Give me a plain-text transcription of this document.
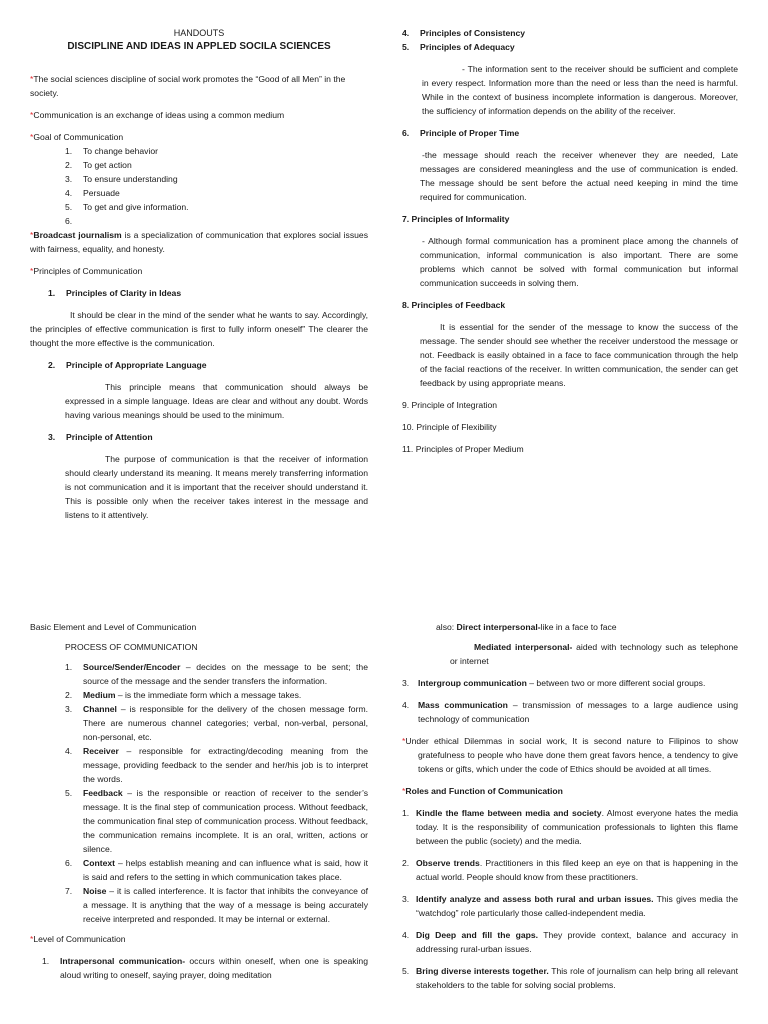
HANDOUTS

DISCIPLINE AND IDEAS IN APPLED SOCILA SCIENCES

*The social sciences discipline of social work promotes the “Good of all Men” in the society.

*Communication is an exchange of ideas using a common medium

*Goal of Communication

1.	To change behavior
2.	To get action
3.	To ensure understanding
4.	Persuade
5.	To get and give information.
6.

*Broadcast journalism is a specialization of communication that explores social issues with fairness, equality, and honesty.

*Principles of Communication

1.	Principles of Clarity in Ideas

It should be clear in the mind of the sender what he wants to say. Accordingly, the principles of effective communication is first to fully inform oneself” The clearer the thought the more effective is the communication.

2.	Principle of Appropriate Language

This principle means that communication should always be expressed in a simple language. Ideas are clear and without any doubt. Words having various meanings should be used to the minimum.

3.	Principle of Attention

The purpose of communication is that the receiver of information should clearly understand its meaning. It means merely transferring information is not communication and it is important that the receiver should understand it. This is possible only when the receiver takes interest in the message and listens to it attentively.

4.	Principles of Consistency
5.	Principles of Adequacy

- The information sent to the receiver should be sufficient and complete in every respect. Information more than the need or less than the need is harmful. While in the context of business incomplete information is dangerous. Moreover, the sufficiency of information depends on the ability of the receiver.

6.	Principle of Proper Time

-the message should reach the receiver whenever they are needed, Late messages are considered meaningless and the use of communication is ended. The message should be sent before the actual need keeping in mind the time required for communication.

7. Principles of Informality

- Although formal communication has a prominent place among the channels of communication, informal communication is also important. There are some problems which cannot be solved with formal communication but informal communication succeeds in solving them.

8. Principles of Feedback

It is essential for the sender of the message to know the success of the message. The sender should see whether the receiver understood the message or not. Feedback is easily obtained in a face to face communication through the help of the facial reactions of the receiver. In written communication, the sender can get feedback by using appropriate means.

9. Principle of Integration

10. Principle of Flexibility

11. Principles of Proper Medium

Basic Element and Level of Communication

PROCESS OF COMMUNICATION

1.	Source/Sender/Encoder – decides on the message to be sent; the source of the message and the sender transfers the information.
2.	Medium – is the immediate form which a message takes.
3.	Channel – is responsible for the delivery of the chosen message form. There are numerous channel categories; verbal, non-verbal, personal, non-personal, etc.
4.	Receiver – responsible for extracting/decoding meaning from the message, providing feedback to the sender and her/his job is to interpret the words.
5.	Feedback – is the responsible or reaction of receiver to the sender’s message. It is the final step of communication process. Without feedback, the communication final step of communication process. Without feedback, the communication remains incomplete. It is an oral, written, actions or silence.
6.	Context – helps establish meaning and can influence what is said, how it is said and refers to the setting in which communication takes place.
7.	Noise – it is called interference. It is factor that inhibits the conveyance of a message. It is anything that the way of a message is being accurately receive interpreted and responded. It may be internal or external.

*Level of Communication

1.	Intrapersonal communication- occurs within oneself, when one is speaking aloud writing to oneself, saying prayer, doing meditation

also: Direct interpersonal-like in a face to face

Mediated interpersonal- aided with technology such as telephone or internet

3.	Intergroup communication – between two or more different social groups.
4.	Mass communication – transmission of messages to a large audience using technology of communication

*Under ethical Dilemmas in social work, It is second nature to Filipinos to show gratefulness to people who have done them great favors hence, a tendency to give tokens or gifts, which under the code of Ethics should be avoided at all times.

*Roles and Function of Communication

1. Kindle the flame between media and society. Almost everyone hates the media today. It is the responsibility of communication professionals to lighten this flame between the public (society) and the media.
2. Observe trends. Practitioners in this filed keep an eye on that is happening in the actual world. People should know from these practitioners.
3. Identify analyze and assess both rural and urban issues. This gives media the “watchdog” role particularly those called-independent media.
4. Dig Deep and fill the gaps. They provide context, balance and accuracy in addressing rural-urban issues.
5. Bring diverse interests together. This role of journalism can help bring all relevant stakeholders to the table for solving social problems.
